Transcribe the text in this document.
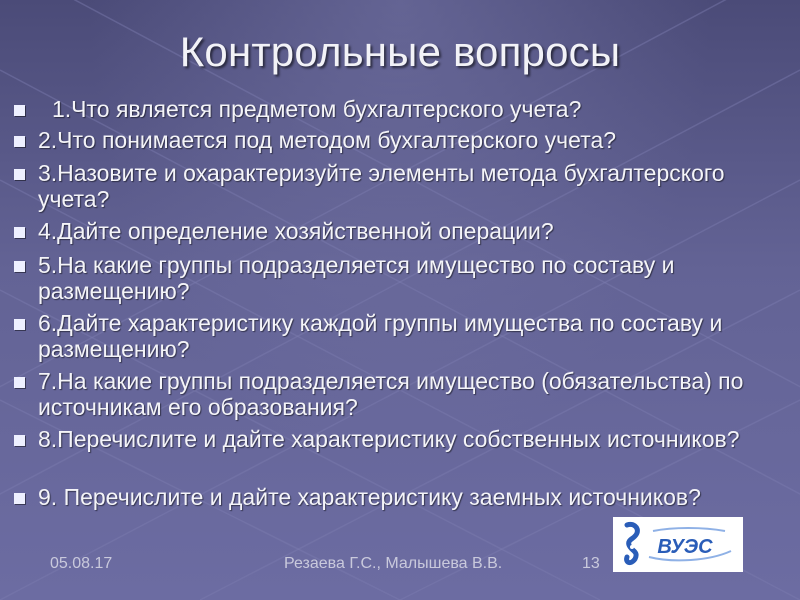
Контрольные вопросы
1.Что является предметом бухгалтерского учета?
2.Что понимается под методом бухгалтерского учета?
3.Назовите и охарактеризуйте элементы метода бухгалтерского учета?
4.Дайте определение хозяйственной операции?
5.На какие группы подразделяется имущество по составу и размещению?
6.Дайте характеристику каждой группы имущества по составу и размещению?
7.На какие группы подразделяется имущество (обязательства) по источникам его образования?
8.Перечислите и дайте характеристику собственных источников?
9. Перечислите и дайте характеристику заемных источников?
05.08.17	Резаева Г.С., Малышева В.В.	13
ВУЭС
